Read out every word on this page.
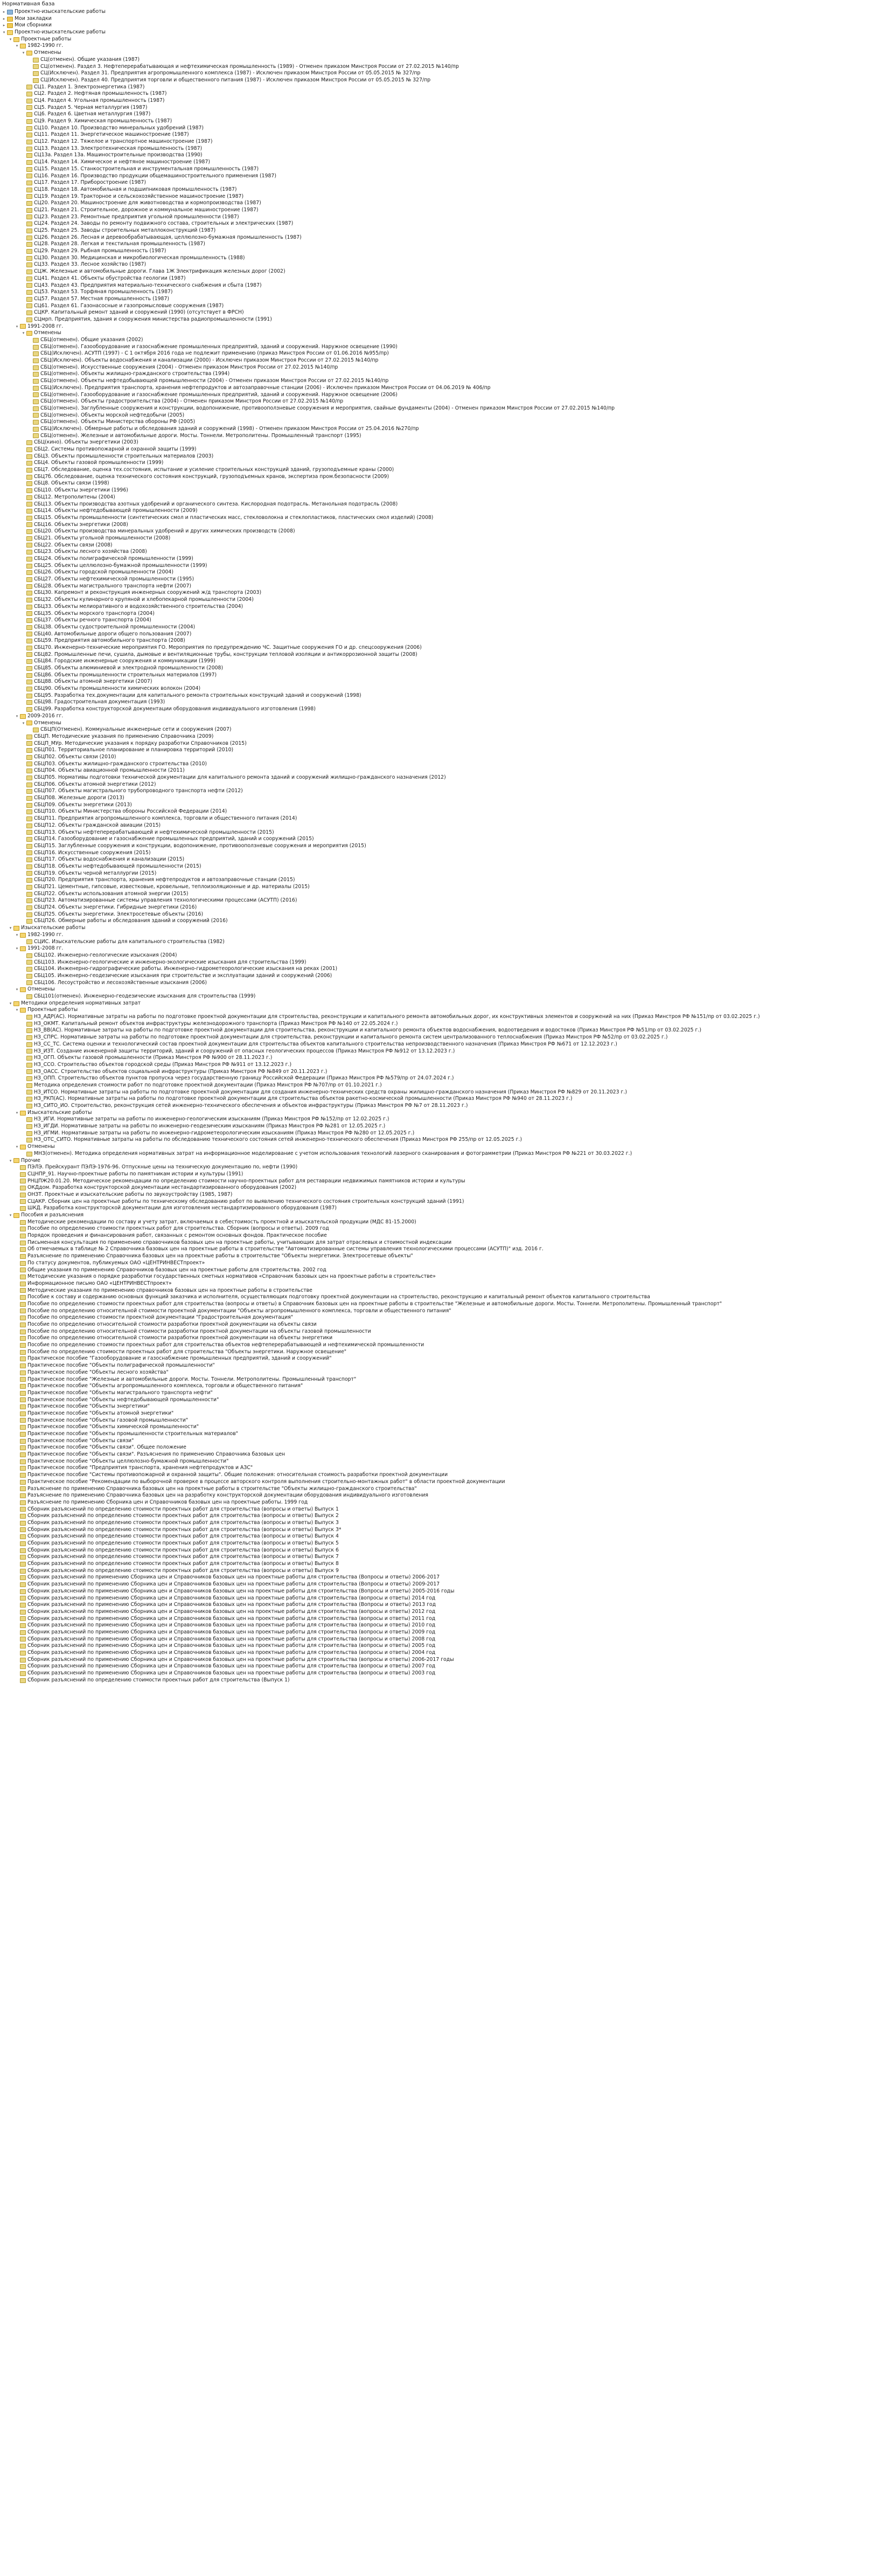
Нормативная база
▸ Проектно-изыскательские работы
▸ Мои закладки
▸ Мои сборники
▾ Проектно-изыскательские работы
▾ Проектные работы
▾ 1982-1990 гг.
▾ Отменены
СЦ(отменен). Общие указания (1987)
СЦ(отменен). Раздел 3. Нефтеперерабатывающая и нефтехимическая промышленность (1989) - Отменен приказом Минстроя России от 27.02.2015 №140/пр
СЦ(Исключен). Раздел 31. Предприятия агропромышленного комплекса (1987) - Исключен приказом Минстроя России от 05.05.2015 № 327/пр
СЦ(Исключен). Раздел 40. Предприятия торговли и общественного питания (1987) - Исключен приказом Минстроя России от 05.05.2015 № 327/пр
СЦ1. Раздел 1. Электроэнергетика (1987)
СЦ2. Раздел 2. Нефтяная промышленность (1987)
СЦ4. Раздел 4. Угольная промышленность (1987)
СЦ5. Раздел 5. Черная металлургия (1987)
СЦ6. Раздел 6. Цветная металлургия (1987)
СЦ9. Раздел 9. Химическая промышленность (1987)
СЦ10. Раздел 10. Производство минеральных удобрений (1987)
СЦ11. Раздел 11. Энергетическое машиностроение (1987)
СЦ12. Раздел 12. Тяжелое и транспортное машиностроение (1987)
СЦ13. Раздел 13. Электротехническая промышленность (1987)
СЦ13а. Раздел 13а. Машиностроительные производства (1990)
СЦ14. Раздел 14. Химическое и нефтяное машиностроение (1987)
СЦ15. Раздел 15. Станкостроительная и инструментальная промышленность (1987)
СЦ16. Раздел 16. Производство продукции общемашиностроительного применения (1987)
СЦ17. Раздел 17. Приборостроение (1987)
СЦ18. Раздел 18. Автомобильная и подшипниковая промышленность (1987)
СЦ19. Раздел 19. Тракторное и сельскохозяйственное машиностроение (1987)
СЦ20. Раздел 20. Машиностроение для животноводства и кормопроизводства (1987)
СЦ21. Раздел 21. Строительное, дорожное и коммунальное машиностроение (1987)
СЦ23. Раздел 23. Ремонтные предприятия угольной промышленности (1987)
СЦ24. Раздел 24. Заводы по ремонту подвижного состава, строительных и электрических (1987)
СЦ25. Раздел 25. Заводы строительных металлоконструкций (1987)
СЦ26. Раздел 26. Лесная и деревообрабатывающая, целлюлозно-бумажная промышленность (1987)
СЦ28. Раздел 28. Легкая и текстильная промышленность (1987)
СЦ29. Раздел 29. Рыбная промышленность (1987)
СЦ30. Раздел 30. Медицинская и микробиологическая промышленность (1988)
СЦ33. Раздел 33. Лесное хозяйство (1987)
СЦЖ. Железные и автомобильные дороги. Глава 1Ж Электрификация железных дорог (2002)
СЦ41. Раздел 41. Объекты обустройства геологии (1987)
СЦ43. Раздел 43. Предприятия материально-технического снабжения и сбыта (1987)
СЦ53. Раздел 53. Торфяная промышленность (1987)
СЦ57. Раздел 57. Местная промышленность (1987)
СЦ61. Раздел 61. Газонасосные и газопромысловые сооружения (1987)
СЦКР. Капитальный ремонт зданий и сооружений (1990) (отсутствует в ФРСН)
СЦмрп. Предприятия, здания и сооружения министерства радиопромышленности (1991)
▾ 1991-2008 гг.
▾ Отменены
СБЦ(отменен). Общие указания (2002)
СБЦ(отменен). Газооборудование и газоснабжение промышленных предприятий, зданий и сооружений. Наружное освещение (1990)
СБЦ(Исключен). АСУТП (1997) - С 1 октября 2016 года не подлежит применению (приказ Минстроя России от 01.06.2016 №955/пр)
СБЦ(Исключен). Объекты водоснабжения и канализации (2000) - Исключен приказом Минстроя России от 27.02.2015 №140/пр
СБЦ(отменен). Искусственные сооружения (2004) - Отменен приказом Минстроя России от 27.02.2015 №140/пр
СБЦ(отменен). Объекты жилищно-гражданского строительства (1994)
СБЦ(отменен). Объекты нефтедобывающей промышленности (2004) - Отменен приказом Минстроя России от 27.02.2015 №140/пр
СБЦ(Исключен). Предприятия транспорта, хранения нефтепродуктов и автозаправочные станции (2006) - Исключен приказом Минстроя России от 04.06.2019 № 406/пр
СБЦ(отменен). Газооборудование и газоснабжение промышленных предприятий, зданий и сооружений. Наружное освещение (2006)
СБЦ(отменен). Объекты градостроительства (2004) - Отменен приказом Минстроя России от 27.02.2015 №140/пр
СБЦ(отменен). Заглубленные сооружения и конструкции, водопонижение, противооползневые сооружения и мероприятия, свайные фундаменты (2004) - Отменен приказом Минстроя России от 27.02.2015 №140/пр
СБЦ(отменен). Объекты морской нефтедобычи (2005)
СБЦ(отменен). Объекты Министерства обороны РФ (2005)
СБЦ(Исключен). Обмерные работы и обследования зданий и сооружений (1998) - Отменен приказом Минстроя России от 25.04.2016 №270/пр
СБЦ(отменен). Железные и автомобильные дороги. Мосты. Тоннели. Метрополитены. Промышленный транспорт (1995)
СБЦ(кино). Объекты энергетики (2003)
СБЦ2. Системы противопожарной и охранной защиты (1999)
СБЦ3. Объекты промышленности строительных материалов (2003)
СБЦ4. Объекты газовой промышленности (1999)
СБЦ7. Обследование, оценка тех.состояния, испытание и усиление строительных конструкций зданий, грузоподъемные краны (2000)
СБЦ7б. Обследование, оценка технического состояния конструкций, грузоподъемных кранов, экспертиза пром.безопасности (2009)
СБЦ8. Объекты связи (1998)
СБЦ10. Объекты энергетики (1996)
СБЦ12. Метрополитены (2004)
СБЦ13. Объекты производства азотных удобрений и органического синтеза. Кислородная подотрасль. Метанольная подотрасль (2008)
СБЦ14. Объекты нефтедобывающей промышленности (2009)
СБЦ15. Объекты промышленности (синтетических смол и пластических масс, стекловолокна и стеклопластиков, пластических смол изделий) (2008)
СБЦ16. Объекты энергетики (2008)
СБЦ20. Объекты производства минеральных удобрений и других химических производств (2008)
СБЦ21. Объекты угольной промышленности (2008)
СБЦ22. Объекты связи (2008)
СБЦ23. Объекты лесного хозяйства (2008)
СБЦ24. Объекты полиграфической промышленности (1999)
СБЦ25. Объекты целлюлозно-бумажной промышленности (1999)
СБЦ26. Объекты городской промышленности (2004)
СБЦ27. Объекты нефтехимической промышленности (1995)
СБЦ28. Объекты магистрального транспорта нефти (2007)
СБЦ30. Капремонт и реконструкция инженерных сооружений ж/д транспорта (2003)
СБЦ32. Объекты кулинарного крупяной и хлебопекарной промышленности (2004)
СБЦ33. Объекты мелиоративного и водохозяйственного строительства (2004)
СБЦ35. Объекты морского транспорта (2004)
СБЦ37. Объекты речного транспорта (2004)
СБЦ38. Объекты судостроительной промышленности (2004)
СБЦ40. Автомобильные дороги общего пользования (2007)
СБЦ59. Предприятия автомобильного транспорта (2008)
СБЦ70. Инженерно-технические мероприятия ГО. Мероприятия по предупреждению ЧС. Защитные сооружения ГО и др. спецсооружения (2006)
СБЦ82. Промышленные печи, сушила, дымовые и вентиляционные трубы, конструкции тепловой изоляции и антикоррозионной защиты (2008)
СБЦ84. Городские инженерные сооружения и коммуникации (1999)
СБЦ85. Объекты алюминиевой и электродной промышленности (2008)
СБЦ86. Объекты промышленности строительных материалов (1997)
СБЦ88. Объекты атомной энергетики (2007)
СБЦ90. Объекты промышленности химических волокон (2004)
СБЦ95. Разработка тех.документации для капитального ремонта строительных конструкций зданий и сооружений (1998)
СБЦ98. Градостроительная документация (1993)
СБЦ99. Разработка конструкторской документации оборудования индивидуального изготовления (1998)
▾ 2009-2016 гг.
▾ Отменены
СБЦП(Отменен). Коммунальные инженерные сети и сооружения (2007)
СБЦП. Методические указания по применению Справочника (2009)
СБЦП_МУр. Методические указания к порядку разработки Справочников (2015)
СБЦП01. Территориальное планирование и планировка территорий (2010)
СБЦП02. Объекты связи (2010)
СБЦП03. Объекты жилищно-гражданского строительства (2010)
СБЦП04. Объекты авиационной промышленности (2011)
СБЦП05. Нормативы подготовки технической документации для капитального ремонта зданий и сооружений жилищно-гражданского назначения (2012)
СБЦП06. Объекты атомной энергетики (2012)
СБЦП07. Объекты магистрального трубопроводного транспорта нефти (2012)
СБЦП08. Железные дороги (2013)
СБЦП09. Объекты энергетики (2013)
СБЦП10. Объекты Министерства обороны Российской Федерации (2014)
СБЦП11. Предприятия агропромышленного комплекса, торговли и общественного питания (2014)
СБЦП12. Объекты гражданской авиации (2015)
СБЦП13. Объекты нефтеперерабатывающей и нефтехимической промышленности (2015)
СБЦП14. Газооборудование и газоснабжение промышленных предприятий, зданий и сооружений (2015)
СБЦП15. Заглубленные сооружения и конструкции, водопонижение, противооползневые сооружения и мероприятия (2015)
СБЦП16. Искусственные сооружения (2015)
СБЦП17. Объекты водоснабжения и канализации (2015)
СБЦП18. Объекты нефтедобывающей промышленности (2015)
СБЦП19. Объекты черной металлургии (2015)
СБЦП20. Предприятия транспорта, хранения нефтепродуктов и автозаправочные станции (2015)
СБЦП21. Цементные, гипсовые, известковые, кровельные, теплоизоляционные и др. материалы (2015)
СБЦП22. Объекты использования атомной энергии (2015)
СБЦП23. Автоматизированные системы управления технологическими процессами (АСУТП) (2016)
СБЦП24. Объекты энергетики. Гибридные энергетики (2016)
СБЦП25. Объекты энергетики. Электросетевые объекты (2016)
СБЦП26. Обмерные работы и обследования зданий и сооружений (2016)
▾ Изыскательские работы
▾ 1982-1990 гг.
СЦИС. Изыскательские работы для капитального строительства (1982)
▾ 1991-2008 гг.
СБЦ102. Инженерно-геологические изыскания (2004)
СБЦ103. Инженерно-геологические и инженерно-экологические изыскания для строительства (1999)
СБЦ104. Инженерно-гидрографические работы. Инженерно-гидрометеорологические изыскания на реках (2001)
СБЦ105. Инженерно-геодезические изыскания при строительстве и эксплуатации зданий и сооружений (2006)
СБЦ106. Лесоустройство и лесохозяйственные изыскания (2006)
▾ Отменены
СБЦ101(отменен). Инженерно-геодезические изыскания для строительства (1999)
▾ Методики определения нормативных затрат
▾ Проектные работы
НЗ_АДР(АС). Нормативные затраты на работы по подготовке проектной документации для строительства, реконструкции и капитального ремонта автомобильных дорог, их конструктивных элементов и сооружений на них (Приказ Минстроя РФ №151/пр от 03.02.2025 г.)
НЗ_ОКМТ. Капитальный ремонт объектов инфраструктуры железнодорожного транспорта (Приказ Минстроя РФ №140 от 22.05.2024 г.)
НЗ_ВВ(АС). Нормативные затраты на работы по подготовке проектной документации для строительства, реконструкции и капитального ремонта объектов водоснабжения, водоотведения и водостоков (Приказ Минстроя РФ №51/пр от 03.02.2025 г.)
НЗ_СПРС. Нормативные затраты на работы по подготовке проектной документации для строительства, реконструкции и капитального ремонта систем централизованного теплоснабжения (Приказ Минстроя РФ №52/пр от 03.02.2025 г.)
НЗ_СС_ТС. Система оценки и технологический состав проектной документации для строительства объектов капитального строительства непроизводственного назначения (Приказ Минстроя РФ №671 от 12.12.2023 г.)
НЗ_ИЗТ. Создание инженерной защиты территорий, зданий и сооружений от опасных геологических процессов (Приказ Минстроя РФ №912 от 13.12.2023 г.)
НЗ_ОГП. Объекты газовой промышленности (Приказ Минстроя РФ №900 от 28.11.2023 г.)
НЗ_ССО. Строительство объектов городской среды (Приказ Минстроя РФ №911 от 13.12.2023 г.)
НЗ_ОАСС. Строительство объектов социальной инфраструктуры (Приказ Минстроя РФ №849 от 20.11.2023 г.)
НЗ_ОПП. Строительство объектов пунктов пропуска через государственную границу Российской Федерации (Приказ Минстроя РФ №579/пр от 24.07.2024 г.)
Методика определения стоимости работ по подготовке проектной документации (Приказ Минстроя РФ №707/пр от 01.10.2021 г.)
НЗ_ИТСО. Нормативные затраты на работы по подготовке проектной документации для создания инженерно-технических средств охраны жилищно-гражданского назначения (Приказ Минстроя РФ №829 от 20.11.2023 г.)
НЗ_РКП(АС). Нормативные затраты на работы по подготовке проектной документации для строительства объектов ракетно-космической промышленности (Приказ Минстроя РФ №940 от 28.11.2023 г.)
НЗ_СИТО_ИО. Строительство, реконструкция сетей инженерно-технического обеспечения и объектов инфраструктуры (Приказ Минстроя РФ №7 от 28.11.2023 г.)
▾ Изыскательские работы
НЗ_ИГИ. Нормативные затраты на работы по инженерно-геологическим изысканиям (Приказ Минстроя РФ №152/пр от 12.02.2025 г.)
НЗ_ИГДИ. Нормативные затраты на работы по инженерно-геодезическим изысканиям (Приказ Минстроя РФ №281 от 12.05.2025 г.)
НЗ_ИГМИ. Нормативные затраты на работы по инженерно-гидрометеорологическим изысканиям (Приказ Минстроя РФ №280 от 12.05.2025 г.)
НЗ_ОТС_СИТО. Нормативные затраты на работы по обследованию технического состояния сетей инженерно-технического обеспечения (Приказ Минстроя РФ 255/пр от 12.05.2025 г.)
▾ Отменены
МНЗ(отменен). Методика определения нормативных затрат на информационное моделирование с учетом использования технологий лазерного сканирования и фотограмметрии (Приказ Минстроя РФ №221 от 30.03.2022 г.)
▾ Прочие
ПЭЛЭ. Прейскурант ПЭЛЭ-1976-96. Отпускные цены на техническую документацию по, нефти (1990)
СЦНПР_91. Научно-проектные работы по памятникам истории и культуры (1991)
РНЦПЖ20.01.20. Методическое рекомендации по определению стоимости научно-проектных работ для реставрации недвижимых памятников истории и культуры
ОКДдом. Разработка конструкторской документации нестандартизированного оборудования (2002)
ОНЗТ. Проектные и изыскательские работы по звукоустройству (1985, 1987)
СЦАКР. Сборник цен на проектные работы по техническому обследованию работ по выявлению технического состояния строительных конструкций зданий (1991)
ШКД. Разработка конструкторской документации для изготовления нестандартизированного оборудования (1987)
▾ Пособия и разъяснения
Методические рекомендации по составу и учету затрат, включаемых в себестоимость проектной и изыскательской продукции (МДС 81-15.2000)
Пособие по определению стоимости проектных работ для строительства. Сборник (вопросы и ответы). 2009 год
Порядок проведения и финансирования работ, связанных с ремонтом основных фондов. Практическое пособие
Письменная консультация по применению справочников базовых цен на проектные работы, учитывающих для затрат отраслевых и стоимостной индексации
Об отмечаемых в таблице № 2 Справочника базовых цен на проектные работы в строительстве "Автоматизированные системы управления технологическими процессами (АСУТП)" изд. 2016 г.
Разъяснение по применению Справочника базовых цен на проектные работы в строительстве "Объекты энергетики. Электросетевые объекты"
По статусу документов, публикуемых ОАО «ЦЕНТРИНВЕСТпроект»
Общие указания по применению Справочников базовых цен на проектные работы для строительства. 2002 год
Методические указания о порядке разработки государственных сметных нормативов «Справочник базовых цен на проектные работы в строительстве»
Информационное письмо ОАО «ЦЕНТРИНВЕСТпроект»
Методические указания по применению справочников базовых цен на проектные работы в строительстве
Пособие к составу и содержанию основных функций заказчика и исполнителя, осуществляющих подготовку проектной документации на строительство, реконструкцию и капитальный ремонт объектов капитального строительства
Пособие по определению стоимости проектных работ для строительства (вопросы и ответы) в Справочник базовых цен на проектные работы в строительстве "Железные и автомобильные дороги. Мосты. Тоннели. Метрополитены. Промышленный транспорт"
Пособие по определению относительной стоимости проектной документации "Объекты агропромышленного комплекса, торговли и общественного питания"
Пособие по определению стоимости проектной документации "Градостроительная документация"
Пособие по определению относительной стоимости разработки проектной документации на объекты связи
Пособие по определению относительной стоимости разработки проектной документации на объекты газовой промышленности
Пособие по определению относительной стоимости разработки проектной документации на объекты энергетики
Пособие по определению стоимости проектных работ для строительства объектов нефтеперерабатывающей и нефтехимической промышленности
Пособие по определению стоимости проектных работ для строительства "Объекты энергетики. Наружное освещение"
Практическое пособие "Газооборудование и газоснабжение промышленных предприятий, зданий и сооружений"
Практическое пособие "Объекты полиграфической промышленности"
Практическое пособие "Объекты лесного хозяйства"
Практическое пособие "Железные и автомобильные дороги. Мосты. Тоннели. Метрополитены. Промышленный транспорт"
Практическое пособие "Объекты агропромышленного комплекса, торговли и общественного питания"
Практическое пособие "Объекты магистрального транспорта нефти"
Практическое пособие "Объекты нефтедобывающей промышленности"
Практическое пособие "Объекты энергетики"
Практическое пособие "Объекты атомной энергетики"
Практическое пособие "Объекты газовой промышленности"
Практическое пособие "Объекты химической промышленности"
Практическое пособие "Объекты промышленности строительных материалов"
Практическое пособие "Объекты связи"
Практическое пособие "Объекты связи". Общее положение
Практическое пособие "Объекты связи". Разъяснения по применению Справочника базовых цен
Практическое пособие "Объекты целлюлозно-бумажной промышленности"
Практическое пособие "Предприятия транспорта, хранения нефтепродуктов и АЗС"
Практическое пособие "Системы противопожарной и охранной защиты". Общие положения: относительная стоимость разработки проектной документации
Практическое пособие "Рекомендации по выборочной проверке в процессе авторского контроля выполнения строительно-монтажных работ" в области проектной документации
Разъяснение по применению Справочника базовых цен на проектные работы в строительстве "Объекты жилищно-гражданского строительства"
Разъяснение по применению Справочника базовых цен на разработку конструкторской документации оборудования индивидуального изготовления
Разъяснение по применению Сборника цен и Справочников базовых цен на проектные работы. 1999 год
Сборник разъяснений по определению стоимости проектных работ для строительства (вопросы и ответы) Выпуск 1
Сборник разъяснений по определению стоимости проектных работ для строительства (вопросы и ответы) Выпуск 2
Сборник разъяснений по определению стоимости проектных работ для строительства (вопросы и ответы) Выпуск 3
Сборник разъяснений по определению стоимости проектных работ для строительства (вопросы и ответы) Выпуск 3*
Сборник разъяснений по определению стоимости проектных работ для строительства (вопросы и ответы) Выпуск 4
Сборник разъяснений по определению стоимости проектных работ для строительства (вопросы и ответы) Выпуск 5
Сборник разъяснений по определению стоимости проектных работ для строительства (вопросы и ответы) Выпуск 6
Сборник разъяснений по определению стоимости проектных работ для строительства (вопросы и ответы) Выпуск 7
Сборник разъяснений по определению стоимости проектных работ для строительства (вопросы и ответы) Выпуск 8
Сборник разъяснений по определению стоимости проектных работ для строительства (вопросы и ответы) Выпуск 9
Сборник разъяснений по применению Сборника цен и Справочников базовых цен на проектные работы для строительства (Вопросы и ответы) 2006-2017
Сборник разъяснений по применению Сборника цен и Справочников базовых цен на проектные работы для строительства (Вопросы и ответы) 2009-2017
Сборник разъяснений по применению Сборника цен и Справочников базовых цен на проектные работы для строительства (Вопросы и ответы) 2005-2016 годы
Сборник разъяснений по применению Сборника цен и Справочников базовых цен на проектные работы для строительства (вопросы и ответы) 2014 год
Сборник разъяснений по применению Сборника цен и Справочников базовых цен на проектные работы для строительства (Вопросы и ответы) 2013 год
Сборник разъяснений по применению Сборника цен и Справочников базовых цен на проектные работы для строительства (вопросы и ответы) 2012 год
Сборник разъяснений по применению Сборника цен и Справочников базовых цен на проектные работы для строительства (вопросы и ответы) 2011 год
Сборник разъяснений по применению Сборника цен и Справочников базовых цен на проектные работы для строительства (вопросы и ответы) 2010 год
Сборник разъяснений по применению Сборника цен и Справочников базовых цен на проектные работы для строительства (вопросы и ответы) 2009 год
Сборник разъяснений по применению Сборника цен и Справочников базовых цен на проектные работы для строительства (вопросы и ответы) 2008 год
Сборник разъяснений по применению Сборника цен и Справочников базовых цен на проектные работы для строительства (вопросы и ответы) 2005 год
Сборник разъяснений по применению Сборника цен и Справочников базовых цен на проектные работы для строительства (вопросы и ответы) 2004 год
Сборник разъяснений по применению Сборника цен и Справочников базовых цен на проектные работы для строительства (вопросы и ответы) 2006-2017 годы
Сборник разъяснений по применению Сборника цен и Справочников базовых цен на проектные работы для строительства (вопросы и ответы) 2007 год
Сборник разъяснений по применению Сборника цен и Справочников базовых цен на проектные работы для строительства (вопросы и ответы) 2003 год
Сборник разъяснений по определению стоимости проектных работ для строительства (Выпуск 1)
